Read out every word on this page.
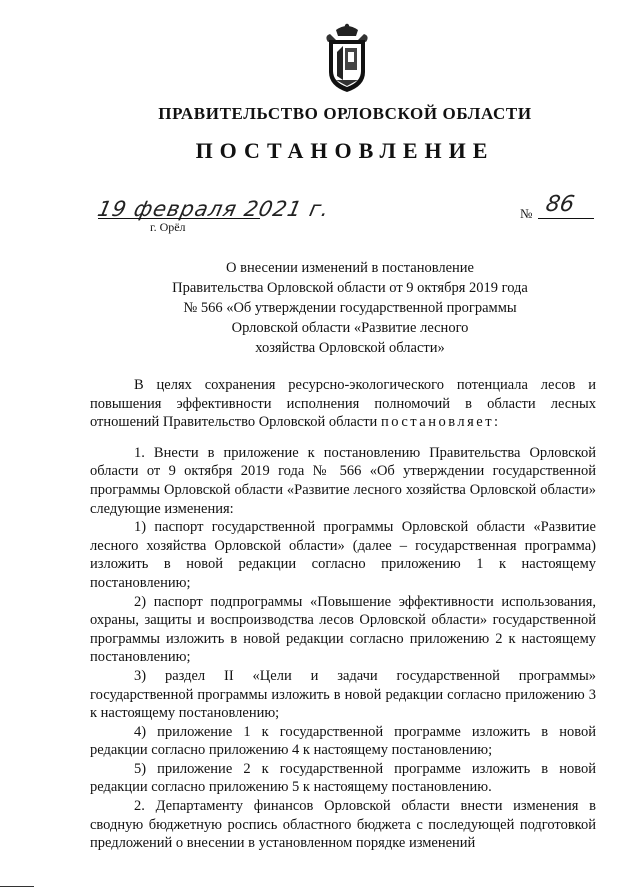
ПРАВИТЕЛЬСТВО ОРЛОВСКОЙ ОБЛАСТИ
ПОСТАНОВЛЕНИЕ
19 февраля 2021 г.
г. Орёл
№ 86
О внесении изменений в постановление
Правительства Орловской области от 9 октября 2019 года
№ 566 «Об утверждении государственной программы
Орловской области «Развитие лесного
хозяйства Орловской области»

В целях сохранения ресурсно-экологического потенциала лесов и повышения эффективности исполнения полномочий в области лесных отношений Правительство Орловской области постановляет:

1. Внести в приложение к постановлению Правительства Орловской области от 9 октября 2019 года № 566 «Об утверждении государственной программы Орловской области «Развитие лесного хозяйства Орловской области» следующие изменения:

1) паспорт государственной программы Орловской области «Развитие лесного хозяйства Орловской области» (далее – государственная программа) изложить в новой редакции согласно приложению 1 к настоящему постановлению;

2) паспорт подпрограммы «Повышение эффективности использования, охраны, защиты и воспроизводства лесов Орловской области» государственной программы изложить в новой редакции согласно приложению 2 к настоящему постановлению;

3) раздел II «Цели и задачи государственной программы» государственной программы изложить в новой редакции согласно приложению 3 к настоящему постановлению;

4) приложение 1 к государственной программе изложить в новой редакции согласно приложению 4 к настоящему постановлению;

5) приложение 2 к государственной программе изложить в новой редакции согласно приложению 5 к настоящему постановлению.

2. Департаменту финансов Орловской области внести изменения в сводную бюджетную роспись областного бюджета с последующей подготовкой предложений о внесении в установленном порядке изменений
